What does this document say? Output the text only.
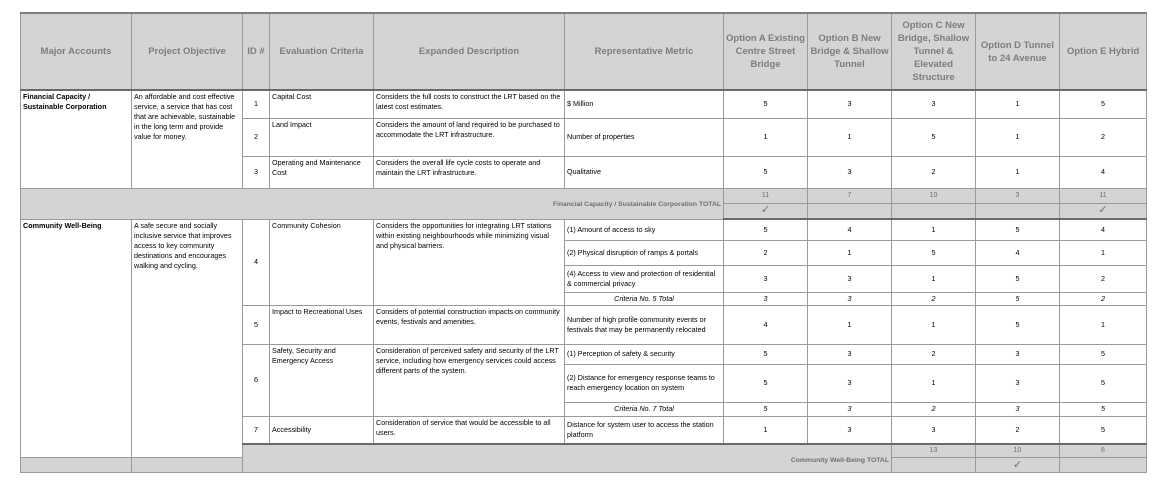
Major Accounts	Project Objective	ID #	Evaluation Criteria	Expanded Description	Representative Metric	Option A Existing Centre Street Bridge	Option B New Bridge & Shallow Tunnel	Option C New Bridge, Shallow Tunnel & Elevated Structure	Option D Tunnel to 24 Avenue	Option E Hybrid	
Financial Capacity / Sustainable Corporation	An affordable and cost effective service, a service that has cost that are achievable, sustainable in the long term and provide value for money.	1	Capital Cost	Considers the full costs to construct the LRT based on the latest cost estimates.	$ Million	5	3	3	1	5	
		2	Land Impact	Considers the amount of land required to be purchased to accommodate the LRT infrastructure.	Number of properties	1	1	5	1	2	
		3	Operating and Maintenance Cost	Considers the overall life cycle costs to operate and maintain the LRT infrastructure.	Qualitative	5	3	2	1	4	
Financial Capacity / Sustainable Corporation TOTAL						11	7	10	3	11	
						✓				✓	
Community Well-Being	A safe secure and socially inclusive service that improves access to key community destinations and encourages walking and cycling.	4	Community Cohesion	Considers the opportunities for integrating LRT stations within existing neighbourhoods while minimizing visual and physical barriers.	(1) Amount of access to sky	5	4	1	5	4	
					(2) Physical disruption of ramps & portals	2	1	5	4	1	
					(4) Access to view and protection of residential & commercial privacy	3	3	1	5	2	
					Criteria No. 5 Total	3	3	2	5	2	
		5	Impact to Recreational Uses	Considers of potential construction impacts on community events, festivals and amenities.	Number of high profile community events or festivals that may be permanently relocated	4	1	1	5	1	
		6	Safety, Security and Emergency Access	Consideration of perceived safety and security of the LRT service, including how emergency services could access different parts of the system.	(1) Perception of safety & security	5	3	2	3	5	
					(2) Distance for emergency response teams to reach emergency location on system	5	3	1	3	5	
					Criteria No. 7 Total	5	3	2	3	5	
		7	Accessibility	Consideration of service that would be accessible to all users.	Distance for system user to access the station platform	1	3	3	2	5	
		Community Well-Being TOTAL						13	10	8		
									✓		
